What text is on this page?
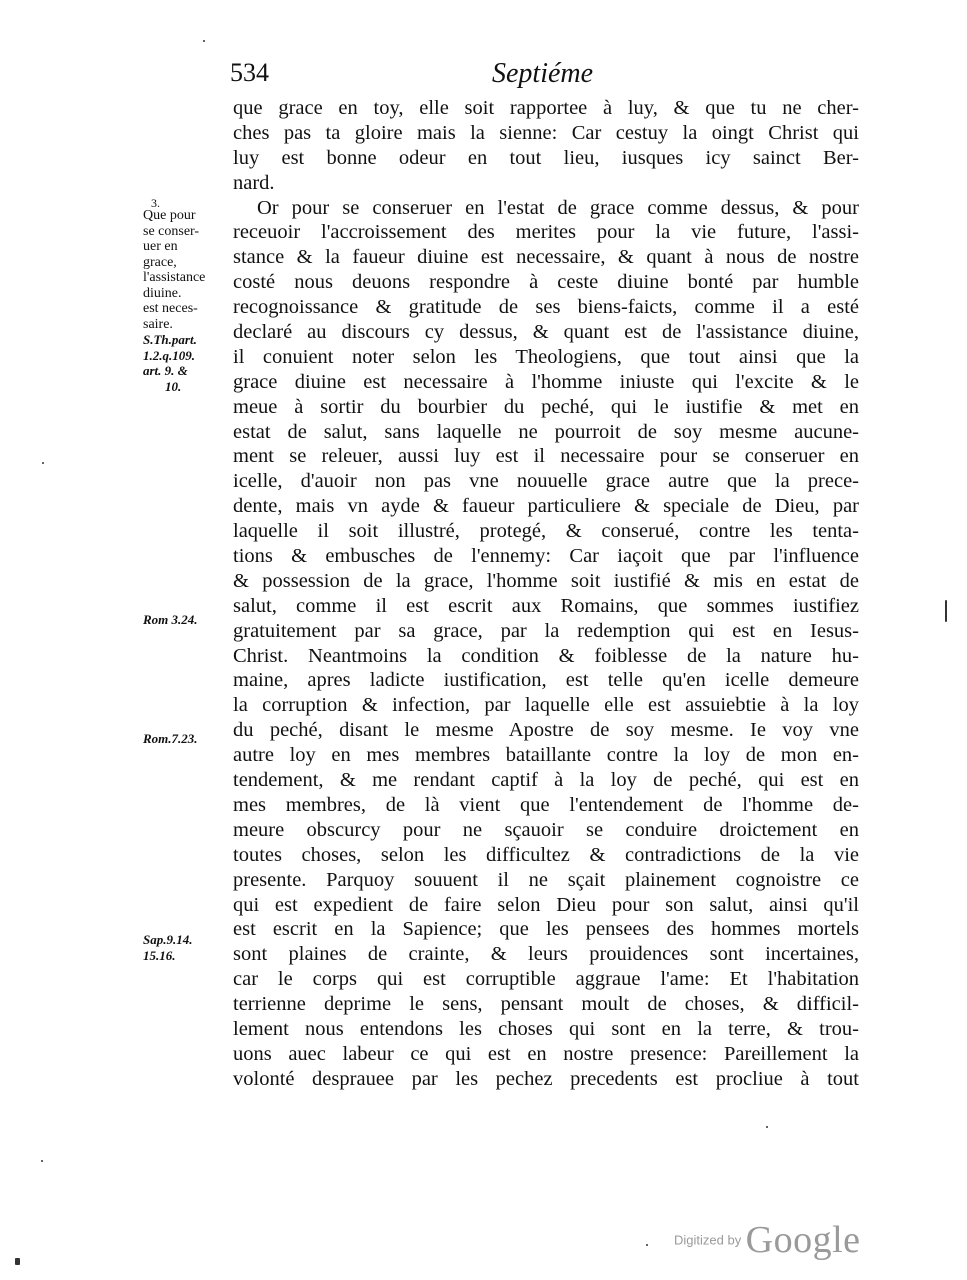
534	Septiéme
que grace en toy, elle soit rapportee à luy, & que tu ne cher-
ches pas ta gloire mais la sienne: Car cestuy la oingt Christ qui
luy est bonne odeur en tout lieu, iusques icy sainct Ber-
nard.
Or pour se conseruer en l'estat de grace comme dessus, & pour
receuoir l'accroissement des merites pour la vie future, l'assi-
stance & la faueur diuine est necessaire, & quant à nous de nostre
costé nous deuons respondre à ceste diuine bonté par humble
recognoissance & gratitude de ses biens-faicts, comme il a esté
declaré au discours cy dessus, & quant est de l'assistance diuine,
il conuient noter selon les Theologiens, que tout ainsi que la
grace diuine est necessaire à l'homme iniuste qui l'excite & le
meue à sortir du bourbier du peché, qui le iustifie & met en
estat de salut, sans laquelle ne pourroit de soy mesme aucune-
ment se releuer, aussi luy est il necessaire pour se conseruer en
icelle, d'auoir non pas vne nouuelle grace autre que la prece-
dente, mais vn ayde & faueur particuliere & speciale de Dieu, par
laquelle il soit illustré, protegé, & conserué, contre les tenta-
tions & embusches de l'ennemy: Car iaçoit que par l'influence
& possession de la grace, l'homme soit iustifié & mis en estat de
salut, comme il est escrit aux Romains, que sommes iustifiez
gratuitement par sa grace, par la redemption qui est en Iesus-
Christ. Neantmoins la condition & foiblesse de la nature hu-
maine, apres ladicte iustification, est telle qu'en icelle demeure
la corruption & infection, par laquelle elle est assuiebtie à la loy
du peché, disant le mesme Apostre de soy mesme. Ie voy vne
autre loy en mes membres bataillante contre la loy de mon en-
tendement, & me rendant captif à la loy de peché, qui est en
mes membres, de là vient que l'entendement de l'homme de-
meure obscurcy pour ne sçauoir se conduire droictement en
toutes choses, selon les difficultez & contradictions de la vie
presente. Parquoy souuent il ne sçait plainement cognoistre ce
qui est expedient de faire selon Dieu pour son salut, ainsi qu'il
est escrit en la Sapience; que les pensees des hommes mortels
sont plaines de crainte, & leurs prouidences sont incertaines,
car le corps qui est corruptible aggraue l'ame: Et l'habitation
terrienne deprime le sens, pensant moult de choses, & difficil-
lement nous entendons les choses qui sont en la terre, & trou-
uons auec labeur ce qui est en nostre presence: Pareillement la
volonté desprauee par les pechez precedents est procliue à tout
3.
Que pour
se conser-
uer en
grace,
l'assistance
diuine.
est neces-
saire.
S.Th.part.
1.2.q.109.
art. 9. &
10.
Rom 3.24.
Rom.7.23.
Sap.9.14.
15.16.
Digitized by Google
